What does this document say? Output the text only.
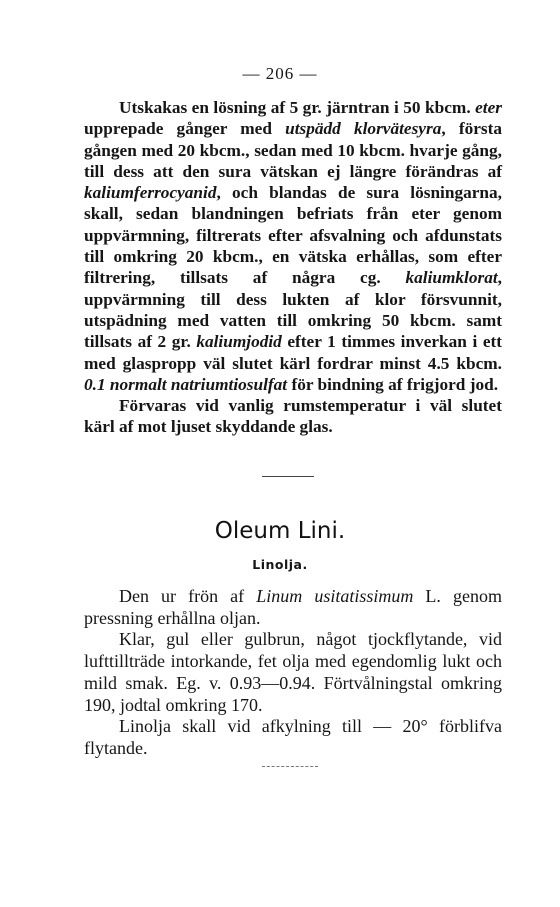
— 206 —

Utskakas en lösning af 5 gr. järntran i 50 kbcm. eter upprepade gånger med utspädd klorvätesyra, första gången med 20 kbcm., sedan med 10 kbcm. hvarje gång, till dess att den sura vätskan ej längre förändras af kaliumferrocyanid, och blandas de sura lösningarna, skall, sedan blandningen befriats från eter genom uppvärmning, filtrerats efter afsvalning och afdunstats till omkring 20 kbcm., en vätska erhållas, som efter filtrering, tillsats af några cg. kaliumklorat, uppvärmning till dess lukten af klor försvunnit, utspädning med vatten till omkring 50 kbcm. samt tillsats af 2 gr. kaliumjodid efter 1 timmes inverkan i ett med glaspropp väl slutet kärl fordrar minst 4.5 kbcm. 0.1 normalt natriumtiosulfat för bindning af frigjord jod.

Förvaras vid vanlig rumstemperatur i väl slutet kärl af mot ljuset skyddande glas.

Oleum Lini.
Linolja.

Den ur frön af Linum usitatissimum L. genom pressning erhållna oljan.

Klar, gul eller gulbrun, något tjockflytande, vid lufttillträde intorkande, fet olja med egendomlig lukt och mild smak. Eg. v. 0.93—0.94. Förtvålningstal omkring 190, jodtal omkring 170.

Linolja skall vid afkylning till — 20° förblifva flytande.
